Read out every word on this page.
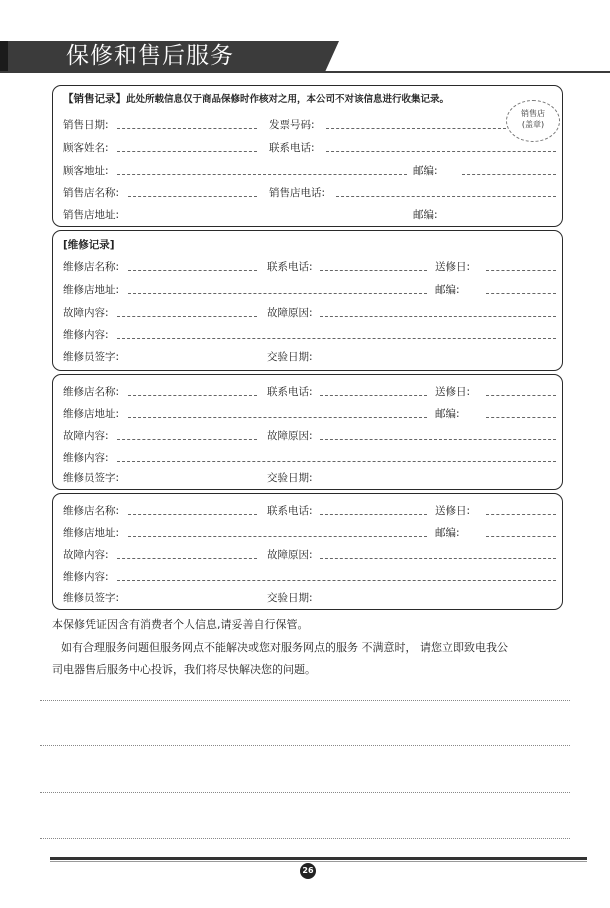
保修和售后服务
【销售记录】此处所载信息仅于商品保修时作核对之用，本公司不对该信息进行收集记录。
销售店
(盖章)
销售日期:	发票号码:
顾客姓名:	联系电话:
顾客地址:	邮编:
销售店名称:	销售店电话:
销售店地址:	邮编:
[维修记录]
维修店名称:	联系电话:	送修日:
维修店地址:	邮编:
故障内容:	故障原因:
维修内容:
维修员签字:	交验日期:
维修店名称:	联系电话:	送修日:
维修店地址:	邮编:
故障内容:	故障原因:
维修内容:
维修员签字:	交验日期:
维修店名称:	联系电话:	送修日:
维修店地址:	邮编:
故障内容:	故障原因:
维修内容:
维修员签字:	交验日期:
本保修凭证因含有消费者个人信息,请妥善自行保管。
如有合理服务问题但服务网点不能解决或您对服务网点的服务 不满意时， 请您立即致电我公
司电器售后服务中心投诉，我们将尽快解决您的问题。
26
